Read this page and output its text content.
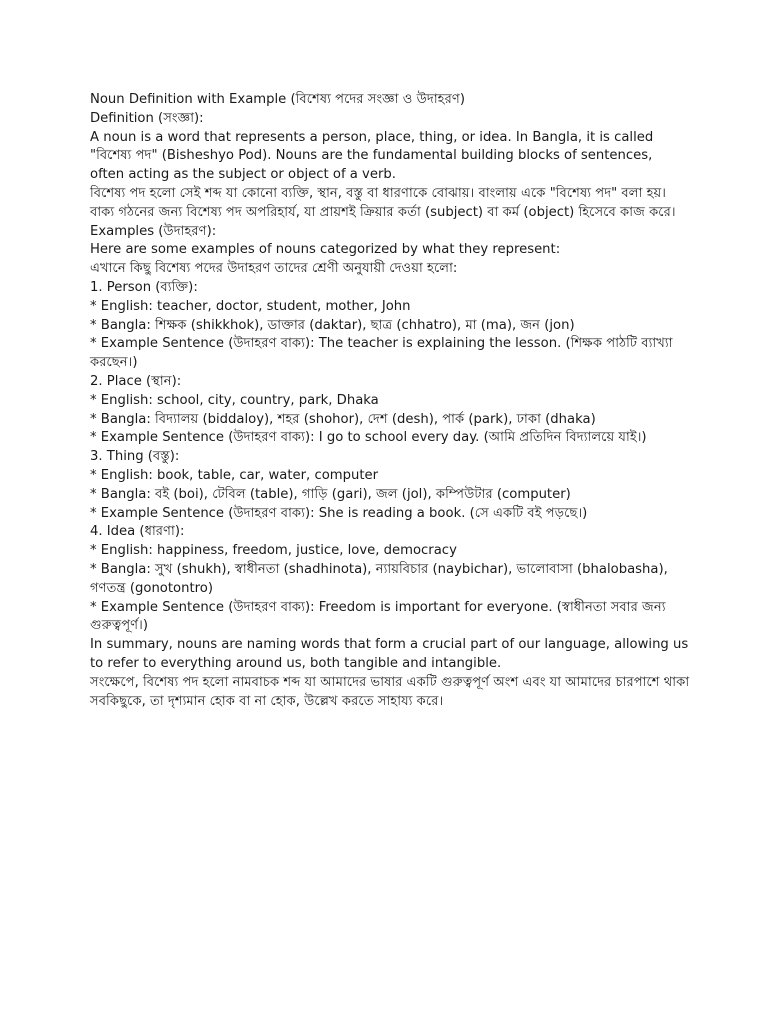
Noun Definition with Example (বিশেষ্য পদের সংজ্ঞা ও উদাহরণ)
Definition (সংজ্ঞা):
A noun is a word that represents a person, place, thing, or idea. In Bangla, it is called "বিশেষ্য পদ" (Bisheshyo Pod). Nouns are the fundamental building blocks of sentences, often acting as the subject or object of a verb.
বিশেষ্য পদ হলো সেই শব্দ যা কোনো ব্যক্তি, স্থান, বস্তু বা ধারণাকে বোঝায়। বাংলায় একে "বিশেষ্য পদ" বলা হয়। বাক্য গঠনের জন্য বিশেষ্য পদ অপরিহার্য, যা প্রায়শই ক্রিয়ার কর্তা (subject) বা কর্ম (object) হিসেবে কাজ করে।
Examples (উদাহরণ):
Here are some examples of nouns categorized by what they represent:
এখানে কিছু বিশেষ্য পদের উদাহরণ তাদের শ্রেণী অনুযায়ী দেওয়া হলো:
1. Person (ব্যক্তি):
* English: teacher, doctor, student, mother, John
* Bangla: শিক্ষক (shikkhok), ডাক্তার (daktar), ছাত্র (chhatro), মা (ma), জন (jon)
* Example Sentence (উদাহরণ বাক্য): The teacher is explaining the lesson. (শিক্ষক পাঠটি ব্যাখ্যা করছেন।)
2. Place (স্থান):
* English: school, city, country, park, Dhaka
* Bangla: বিদ্যালয় (biddaloy), শহর (shohor), দেশ (desh), পার্ক (park), ঢাকা (dhaka)
* Example Sentence (উদাহরণ বাক্য): I go to school every day. (আমি প্রতিদিন বিদ্যালয়ে যাই।)
3. Thing (বস্তু):
* English: book, table, car, water, computer
* Bangla: বই (boi), টেবিল (table), গাড়ি (gari), জল (jol), কম্পিউটার (computer)
* Example Sentence (উদাহরণ বাক্য): She is reading a book. (সে একটি বই পড়ছে।)
4. Idea (ধারণা):
* English: happiness, freedom, justice, love, democracy
* Bangla: সুখ (shukh), স্বাধীনতা (shadhinota), ন্যায়বিচার (naybichar), ভালোবাসা (bhalobasha), গণতন্ত্র (gonotontro)
* Example Sentence (উদাহরণ বাক্য): Freedom is important for everyone. (স্বাধীনতা সবার জন্য গুরুত্বপূর্ণ।)
In summary, nouns are naming words that form a crucial part of our language, allowing us to refer to everything around us, both tangible and intangible.
সংক্ষেপে, বিশেষ্য পদ হলো নামবাচক শব্দ যা আমাদের ভাষার একটি গুরুত্বপূর্ণ অংশ এবং যা আমাদের চারপাশে থাকা সবকিছুকে, তা দৃশ্যমান হোক বা না হোক, উল্লেখ করতে সাহায্য করে।
